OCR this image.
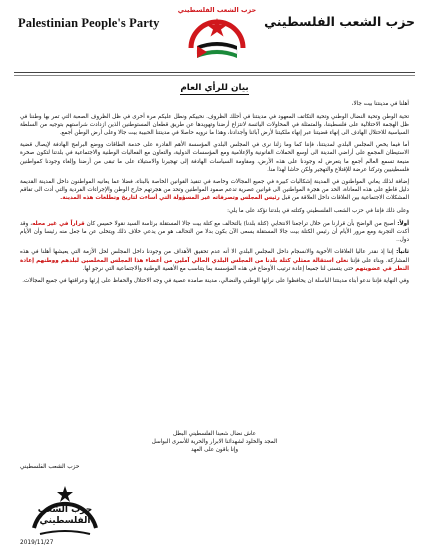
Palestinian People's Party
حزب الشعب الفلسطيني
حزب الشعب الفلسطيني
بيان للرأي العام

أهلنا في مدينتنا بيت جالا،

تحية الوطن وتحية النضال الوطني وتحية التكاتف المعهود في مدينتنا في أحلك الظروف. نحييكم ونطل عليكم مرة أخرى في ظل الظروف الصعبة التي تمر بها وطننا في ظل الهجمة الاحتلالية على فلسطيننا، والمتمثلة في المحاولات اليائسة لانتزاع أرضنا وتهويدها عن طريق قطعان المستوطنين الذين ازدادت شراستهم بتوجيه من السلطة السياسية للاحتلال الهادف الى إنهاء قضيتنا عبر إنهاء ملكيتنا لأرض آبائنا وأجدادنا، وهذا ما نرويه حاصلا في مدينتنا الحبيبة بيت جالا وعلى أرض الوطن أجمع.

أما فيما يخص المجلس البلدي لمدينتنا، فإننا كما وما زلنا نرى في المجلس البلدي المؤسسة الأهم القادرة على خدمة الطاقات ووضع البرامج الهادفة لإيصال قضية الاستيطان المجمع على أراضي المدينة الى أوسع الحملات القانونية والإعلامية ومع المؤسسات الدولية، والتعاون مع الفعاليات الوطنية والاجتماعية في بلدتنا لتكون صخرة منيعة تسمع العالم أجمع ما يتعرض له وجودنا على هذه الأرض، ومقاومة السياسات الهادفة إلى تهجيرنا والاستيلاء على ما تبقى من أرضنا وإلغاء وجودنا كمواطنين فلسطينيين وتركنا عرضة للإقتلاع والتهجير ولكن حاشا لهذا منا.

إضافة لذلك يعاني المواطنون في المدينة إشكاليات كبيرة في جميع المجالات وخاصة في تنفيذ القوانين الخاصة بالبناء، فضلا عما يعانيه المواطنون داخل المدينة القديمة دليل قاطع على هذه المعاناة، الحد من هجرة المواطنين الى قوانين عصرية تدعم صمود المواطنين وتحد من هجرتهم خارج الوطن والإجراءات الفردية والتي أدت الى تفاقم المشكلات الاجتماعية بين العلاقات داخل العلاقة من قبل رئيس المجلس وتصرفاته غير المسؤولة التي أساءت لتاريخ وتطلعات هذه المدينة.

وعلى ذلك فإننا في حزب الشعب الفلسطيني وكتلته في بلدتنا نؤكد على ما يلي:

أولاً: أصبح من الواضح بأن قرارنا من خلال تراجعنا الانتخابي (كتلة بلدنا) بالتحالف مع كتلة بيت جالا المستقلة برئاسة السيد نقولا خميس كان قراراً في غير محله، وقد أكدت التجربة ومع مرور الأيام أن رئيس الكتلة بيت جالا المستقلة يسعى الآن بكون بدلا من التحالف هو من يدعي خلاف ذلك ويتخلى عن ما جعل منه رئيسا وأن الأيام دول..

ثانياً: إننا إذ نقدر عاليا العلاقات الأخوية والانسجام داخل المجلس البلدي الا أنه عدم تحقيق الأهداف من وجودنا داخل المجلس لحل الأزمة التي يعيشها أهلنا في هذه المشاركة. وبناء على فإننا نعلن استقالة ممثلي كتلة بلدنا من المجلس البلدي الحالي آملين من أعضاء هذا المجلس المخلصين لبلدهم ووطنهم إعادة النظر في عضويتهم حتى يتسنى لنا جميعا إعادة ترتيب الأوضاع في هذه المؤسسة بما يتناسب مع الأهمية الوطنية والاجتماعية التي نرجو لها.

وفي النهاية فإننا ندعو أبناء مدينتنا الباسلة ان يحافظوا على نراثها الوطني والنضالي، مدينة صامدة عصية في وجه الاحتلال والحفاظ على إرثها وعراقتها في جميع المجالات.

عاش نضال شعبنا الفلسطيني البطل
المجد والخلود لشهدائنا الابرار والحرية للأسرى البواسل
وإنا باقون على العهد
حزب الشعب الفلسطيني
2019/11/27
حزب الشعب
الفلسطيني
